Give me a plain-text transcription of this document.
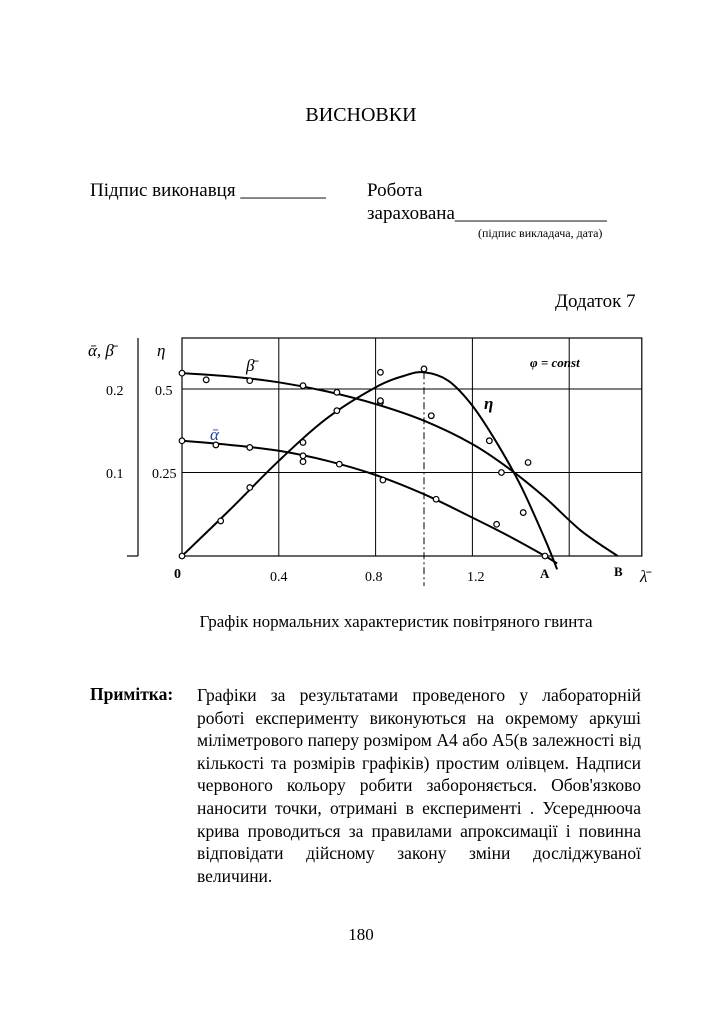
ВИСНОВКИ
Підпис виконавця _________ Робота
зарахована________________
(підпис викладача, дата)
Додаток 7
ᾱ, β̄
0.2
0.1
η
0.5
0.25
0	0.4	0.8	1.2	λ̄
φ = const
β̄
ᾱ
η
A	B
Графік нормальних характеристик повітряного гвинта
Примітка: Графіки за результатами проведеного у лабораторній роботі експерименту виконуються на окремому аркуші міліметрового паперу розміром А4 або А5(в залежності від кількості та розмірів графіків) простим олівцем. Надписи червоного кольору робити забороняється. Обов'язково наносити точки, отримані в експерименті . Усереднюоча крива проводиться за правилами апроксимації і повинна відповідати дійсному закону зміни досліджуваної величини.
180
